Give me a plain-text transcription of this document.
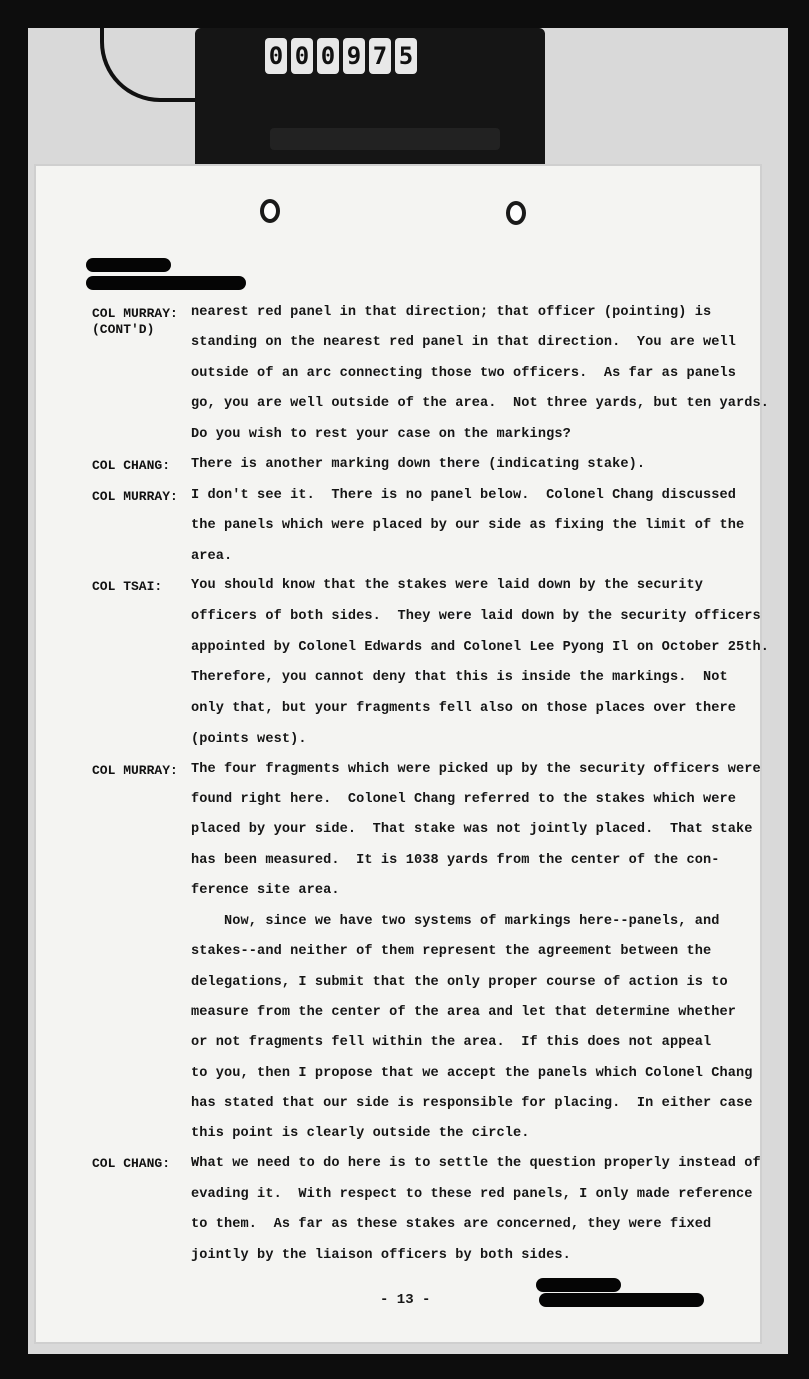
0 0 0 9 7 5
COL MURRAY:
(CONT'D)
COL CHANG:
COL MURRAY:
COL TSAI:
COL MURRAY:
COL CHANG:
nearest red panel in that direction; that officer (pointing) is
standing on the nearest red panel in that direction.  You are well
outside of an arc connecting those two officers.  As far as panels
go, you are well outside of the area.  Not three yards, but ten yards.
Do you wish to rest your case on the markings?
There is another marking down there (indicating stake).
I don't see it.  There is no panel below.  Colonel Chang discussed
the panels which were placed by our side as fixing the limit of the
area.
You should know that the stakes were laid down by the security
officers of both sides.  They were laid down by the security officers
appointed by Colonel Edwards and Colonel Lee Pyong Il on October 25th.
Therefore, you cannot deny that this is inside the markings.  Not
only that, but your fragments fell also on those places over there
(points west).
The four fragments which were picked up by the security officers were
found right here.  Colonel Chang referred to the stakes which were
placed by your side.  That stake was not jointly placed.  That stake
has been measured.  It is 1038 yards from the center of the con-
ference site area.
Now, since we have two systems of markings here--panels, and
stakes--and neither of them represent the agreement between the
delegations, I submit that the only proper course of action is to
measure from the center of the area and let that determine whether
or not fragments fell within the area.  If this does not appeal
to you, then I propose that we accept the panels which Colonel Chang
has stated that our side is responsible for placing.  In either case
this point is clearly outside the circle.
What we need to do here is to settle the question properly instead of
evading it.  With respect to these red panels, I only made reference
to them.  As far as these stakes are concerned, they were fixed
jointly by the liaison officers by both sides.
- 13 -
